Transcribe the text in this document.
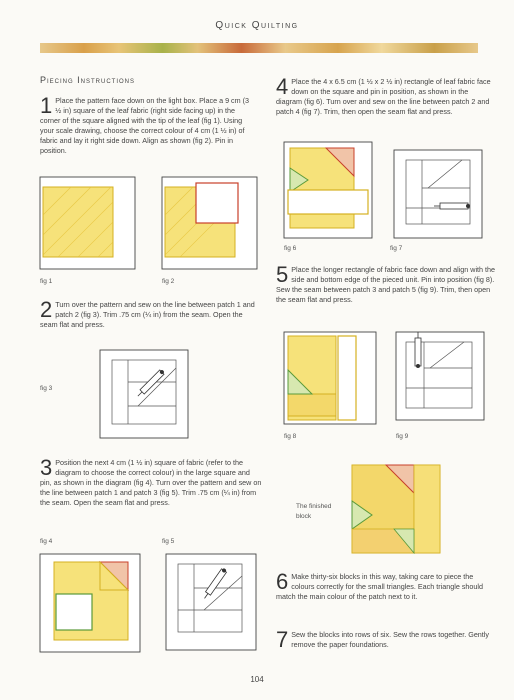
Quick Quilting
Piecing Instructions
1 Place the pattern face down on the light box. Place a 9 cm (3 ½ in) square of the leaf fabric (right side facing up) in the corner of the square aligned with the tip of the leaf (fig 1). Using your scale drawing, choose the correct colour of 4 cm (1 ½ in) of fabric and lay it right side down. Align as shown (fig 2). Pin in position.
fig 1	fig 2
2 Turn over the pattern and sew on the line between patch 1 and patch 2 (fig 3). Trim .75 cm (¼ in) from the seam. Open the seam flat and press.
fig 3
3 Position the next 4 cm (1 ½ in) square of fabric (refer to the diagram to choose the correct colour) in the large square and pin, as shown in the diagram (fig 4). Turn over the pattern and sew on the line between patch 1 and patch 3 (fig 5). Trim .75 cm (¼ in) from the seam. Open the seam flat and press.
fig 4	fig 5
4 Place the 4 x 6.5 cm (1 ½ x 2 ½ in) rectangle of leaf fabric face down on the square and pin in position, as shown in the diagram (fig 6). Turn over and sew on the line between patch 2 and patch 4 (fig 7). Trim, then open the seam flat and press.
fig 6	fig 7
5 Place the longer rectangle of fabric face down and align with the side and bottom edge of the pieced unit. Pin into position (fig 8). Sew the seam between patch 3 and patch 5 (fig 9). Trim, then open the seam flat and press.
fig 8	fig 9
The finished
block
6 Make thirty-six blocks in this way, taking care to piece the colours correctly for the small triangles. Each triangle should match the main colour of the patch next to it.
7 Sew the blocks into rows of six. Sew the rows together. Gently remove the paper foundations.
104
